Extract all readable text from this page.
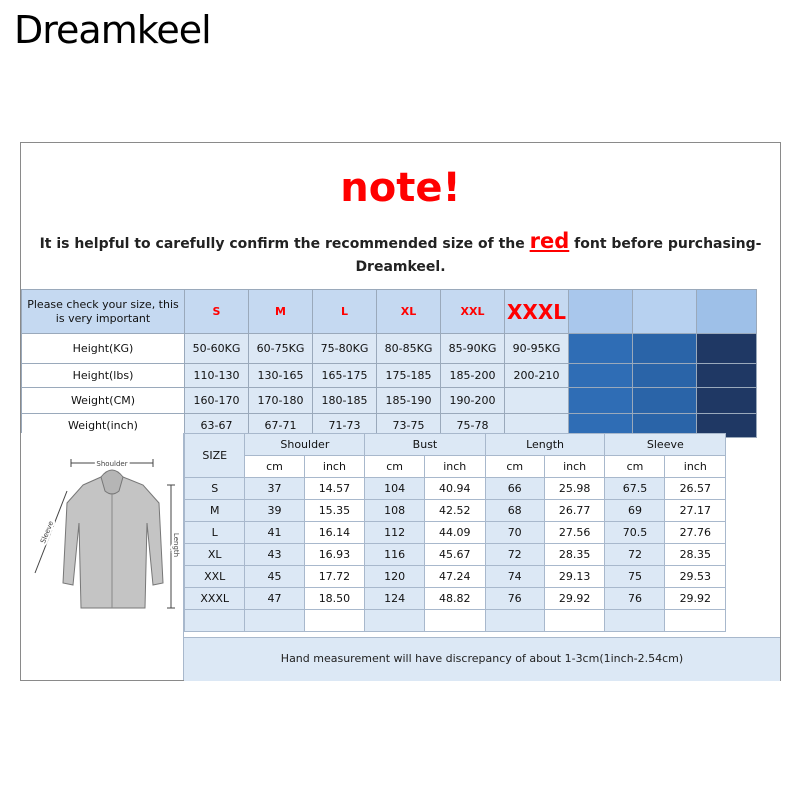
Dreamkeel
note!
It is helpful to carefully confirm the recommended size of the red font before purchasing-
Dreamkeel.
Please check your size, this is very important	S	M	L	XL	XXL	XXXL			
Height(KG)	50-60KG	60-75KG	75-80KG	80-85KG	85-90KG	90-95KG			
Height(lbs)	110-130	130-165	165-175	175-185	185-200	200-210			
Weight(CM)	160-170	170-180	180-185	185-190	190-200				
Weight(inch)	63-67	67-71	71-73	73-75	75-78				
Shoulder
Length
Sleeve
SIZE	Shoulder		Bust		Length		Sleeve	
	cm	inch	cm	inch	cm	inch	cm	inch
S	37	14.57	104	40.94	66	25.98	67.5	26.57
M	39	15.35	108	42.52	68	26.77	69	27.17
L	41	16.14	112	44.09	70	27.56	70.5	27.76
XL	43	16.93	116	45.67	72	28.35	72	28.35
XXL	45	17.72	120	47.24	74	29.13	75	29.53
XXXL	47	18.50	124	48.82	76	29.92	76	29.92

Hand measurement will have discrepancy of about 1-3cm(1inch-2.54cm)
